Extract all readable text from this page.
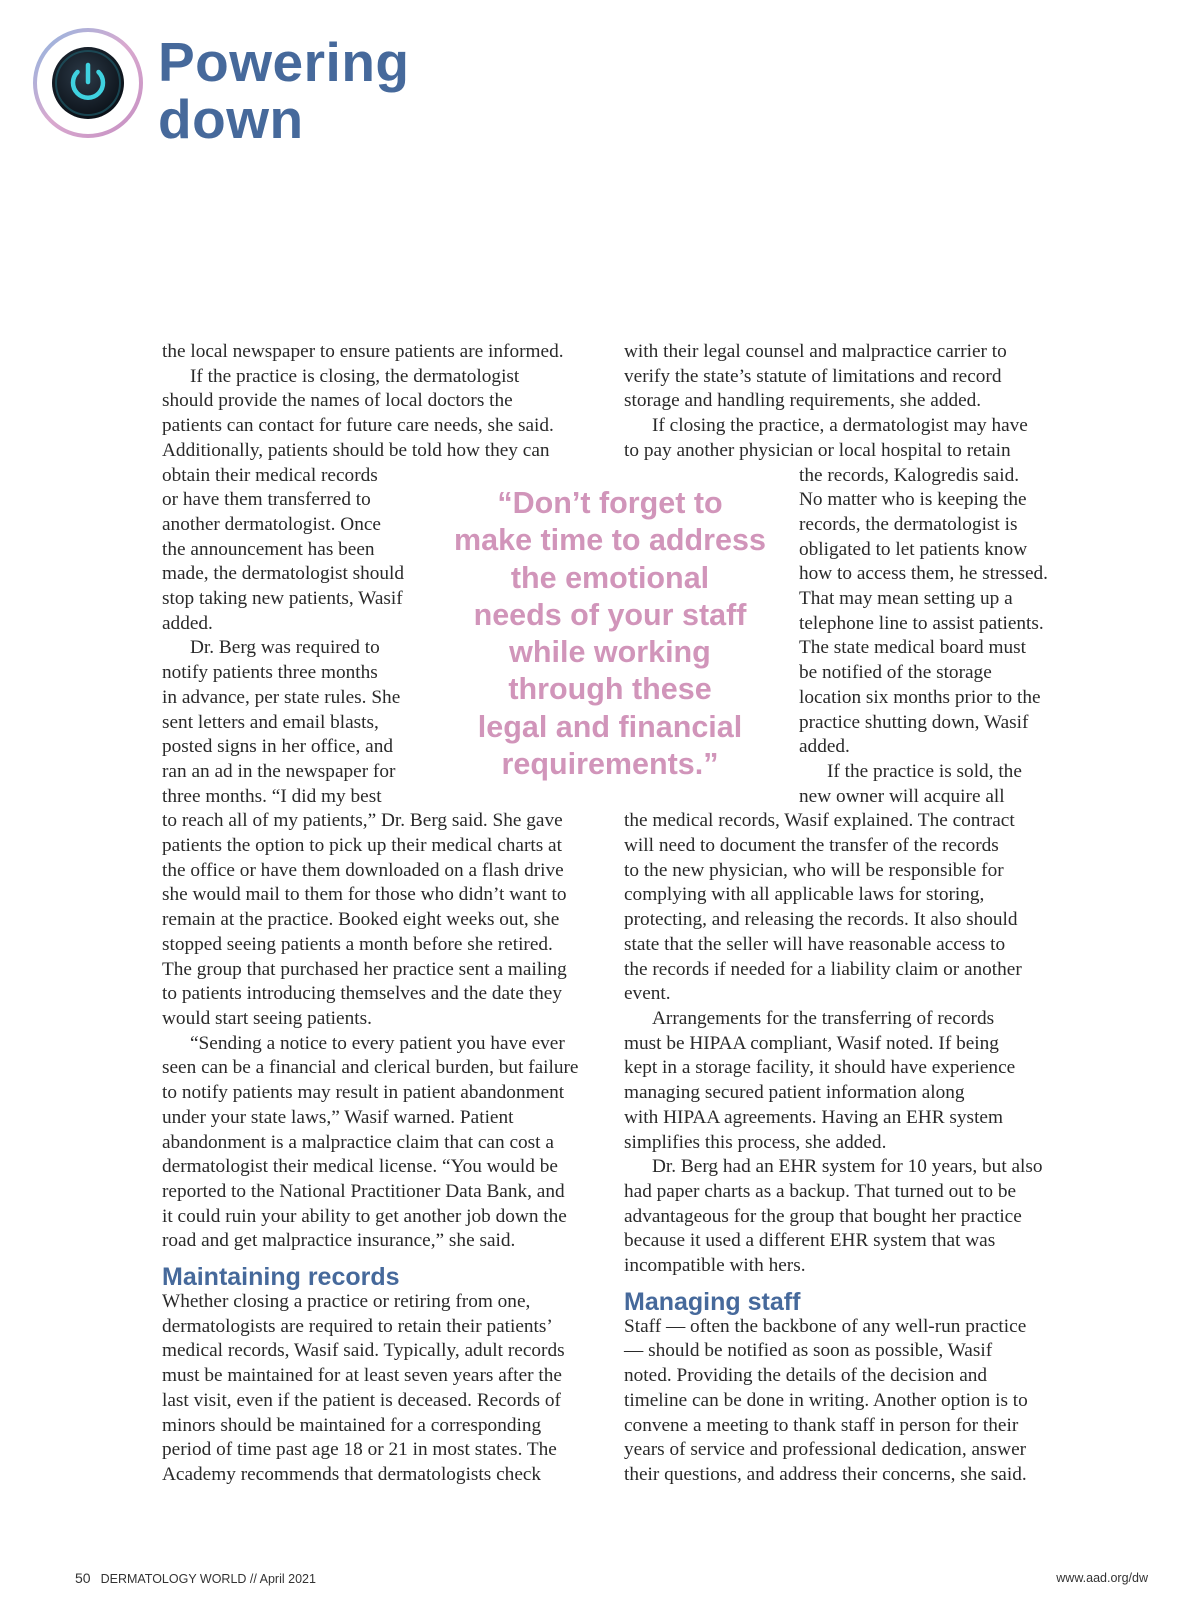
Powering
down
the local newspaper to ensure patients are informed.
If the practice is closing, the dermatologist
should provide the names of local doctors the
patients can contact for future care needs, she said.
Additionally, patients should be told how they can
obtain their medical records
or have them transferred to
another dermatologist. Once
the announcement has been
made, the dermatologist should
stop taking new patients, Wasif
added.
Dr. Berg was required to
notify patients three months
in advance, per state rules. She
sent letters and email blasts,
posted signs in her office, and
ran an ad in the newspaper for
three months. “I did my best
to reach all of my patients,” Dr. Berg said. She gave
patients the option to pick up their medical charts at
the office or have them downloaded on a flash drive
she would mail to them for those who didn’t want to
remain at the practice. Booked eight weeks out, she
stopped seeing patients a month before she retired.
The group that purchased her practice sent a mailing
to patients introducing themselves and the date they
would start seeing patients.
“Sending a notice to every patient you have ever
seen can be a financial and clerical burden, but failure
to notify patients may result in patient abandonment
under your state laws,” Wasif warned. Patient
abandonment is a malpractice claim that can cost a
dermatologist their medical license. “You would be
reported to the National Practitioner Data Bank, and
it could ruin your ability to get another job down the
road and get malpractice insurance,” she said.
Maintaining records
Whether closing a practice or retiring from one,
dermatologists are required to retain their patients’
medical records, Wasif said. Typically, adult records
must be maintained for at least seven years after the
last visit, even if the patient is deceased. Records of
minors should be maintained for a corresponding
period of time past age 18 or 21 in most states. The
Academy recommends that dermatologists check
with their legal counsel and malpractice carrier to
verify the state’s statute of limitations and record
storage and handling requirements, she added.
If closing the practice, a dermatologist may have
to pay another physician or local hospital to retain
the records, Kalogredis said.
No matter who is keeping the
records, the dermatologist is
obligated to let patients know
how to access them, he stressed.
That may mean setting up a
telephone line to assist patients.
The state medical board must
be notified of the storage
location six months prior to the
practice shutting down, Wasif
added.
If the practice is sold, the
new owner will acquire all
the medical records, Wasif explained. The contract
will need to document the transfer of the records
to the new physician, who will be responsible for
complying with all applicable laws for storing,
protecting, and releasing the records. It also should
state that the seller will have reasonable access to
the records if needed for a liability claim or another
event.
Arrangements for the transferring of records
must be HIPAA compliant, Wasif noted. If being
kept in a storage facility, it should have experience
managing secured patient information along
with HIPAA agreements. Having an EHR system
simplifies this process, she added.
Dr. Berg had an EHR system for 10 years, but also
had paper charts as a backup. That turned out to be
advantageous for the group that bought her practice
because it used a different EHR system that was
incompatible with hers.
Managing staff
Staff — often the backbone of any well-run practice
— should be notified as soon as possible, Wasif
noted. Providing the details of the decision and
timeline can be done in writing. Another option is to
convene a meeting to thank staff in person for their
years of service and professional dedication, answer
their questions, and address their concerns, she said.
“Don’t forget to
make time to address
the emotional
needs of your staff
while working
through these
legal and financial
requirements.”
50 DERMATOLOGY WORLD // April 2021	www.aad.org/dw
